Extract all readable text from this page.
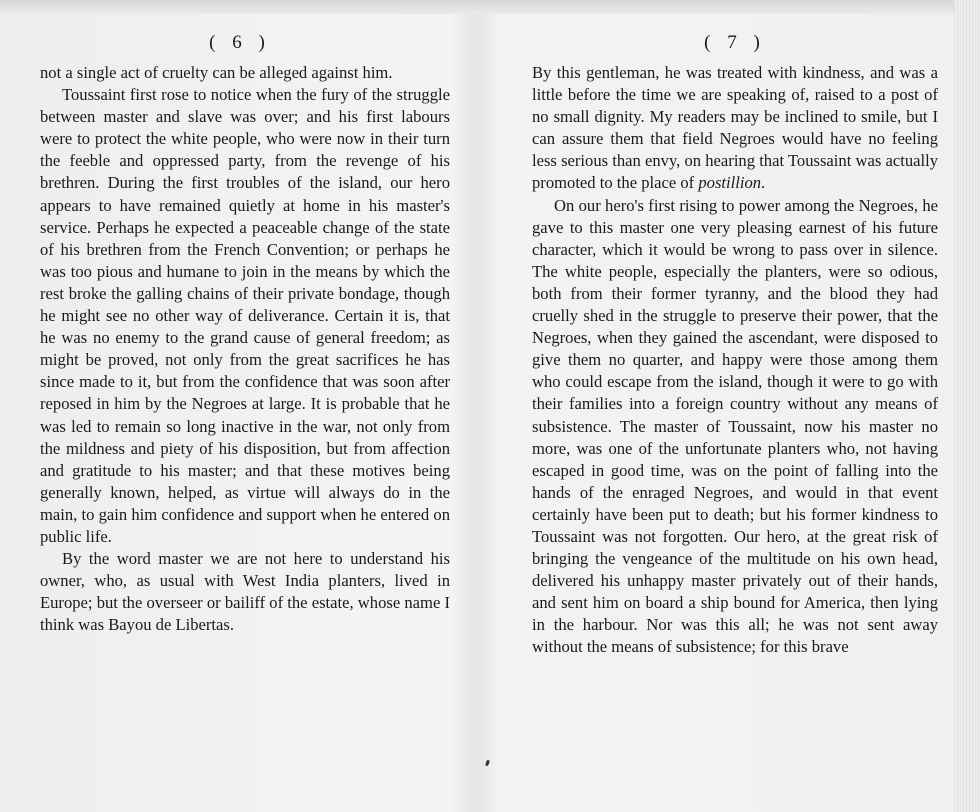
( 6 )

not a single act of cruelty can be alleged against him.

Toussaint first rose to notice when the fury of the struggle between master and slave was over; and his first labours were to protect the white people, who were now in their turn the feeble and oppressed party, from the revenge of his brethren. During the first troubles of the island, our hero appears to have remained quietly at home in his master's service. Perhaps he expected a peaceable change of the state of his brethren from the French Convention; or perhaps he was too pious and humane to join in the means by which the rest broke the galling chains of their private bondage, though he might see no other way of deliverance. Certain it is, that he was no enemy to the grand cause of general freedom; as might be proved, not only from the great sacrifices he has since made to it, but from the confidence that was soon after reposed in him by the Negroes at large. It is probable that he was led to remain so long inactive in the war, not only from the mildness and piety of his disposition, but from affection and gratitude to his master; and that these motives being generally known, helped, as virtue will always do in the main, to gain him confidence and support when he entered on public life.

By the word master we are not here to understand his owner, who, as usual with West India planters, lived in Europe; but the overseer or bailiff of the estate, whose name I think was Bayou de Libertas.

( 7 )

By this gentleman, he was treated with kindness, and was a little before the time we are speaking of, raised to a post of no small dignity. My readers may be inclined to smile, but I can assure them that field Negroes would have no feeling less serious than envy, on hearing that Toussaint was actually promoted to the place of postillion.

On our hero's first rising to power among the Negroes, he gave to this master one very pleasing earnest of his future character, which it would be wrong to pass over in silence. The white people, especially the planters, were so odious, both from their former tyranny, and the blood they had cruelly shed in the struggle to preserve their power, that the Negroes, when they gained the ascendant, were disposed to give them no quarter, and happy were those among them who could escape from the island, though it were to go with their families into a foreign country without any means of subsistence. The master of Toussaint, now his master no more, was one of the unfortunate planters who, not having escaped in good time, was on the point of falling into the hands of the enraged Negroes, and would in that event certainly have been put to death; but his former kindness to Toussaint was not forgotten. Our hero, at the great risk of bringing the vengeance of the multitude on his own head, delivered his unhappy master privately out of their hands, and sent him on board a ship bound for America, then lying in the harbour. Nor was this all; he was not sent away without the means of subsistence; for this brave
